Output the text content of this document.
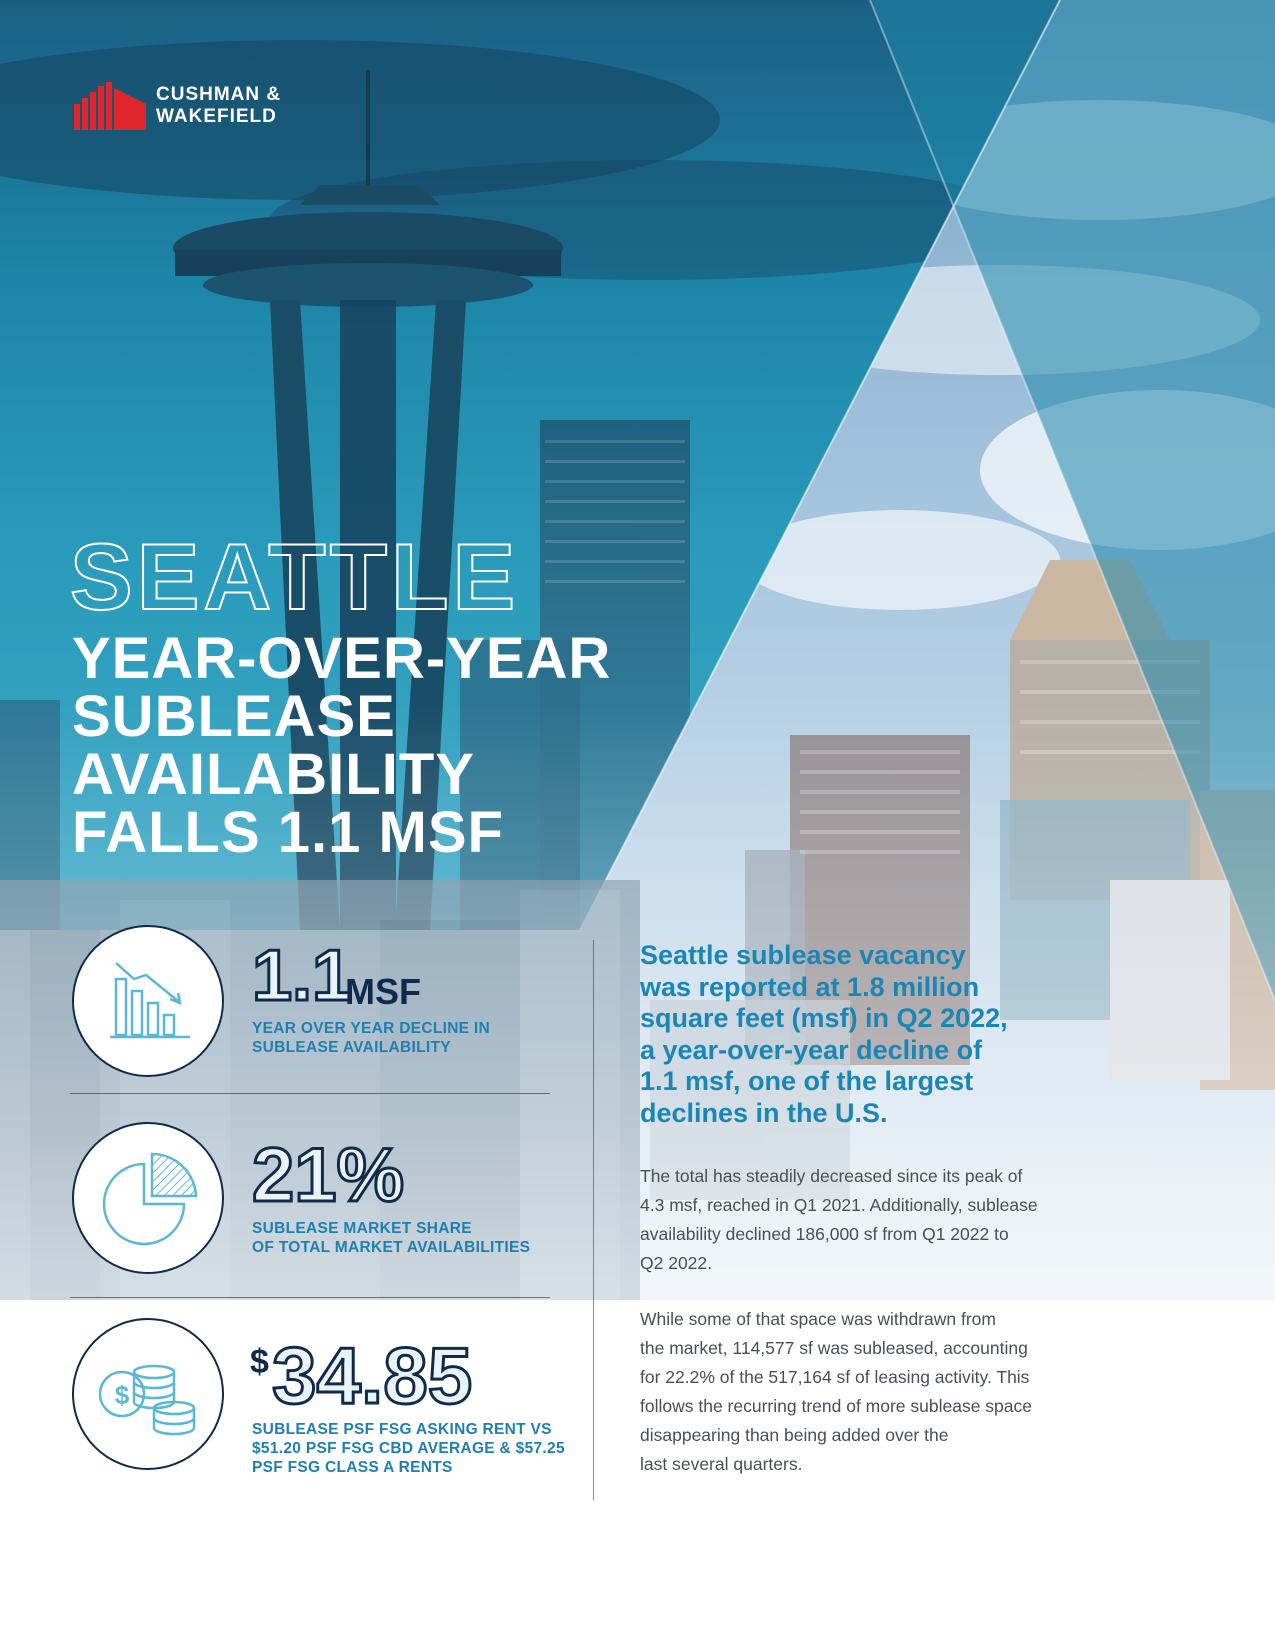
CUSHMAN &
WAKEFIELD
SEATTLE
YEAR-OVER-YEAR
SUBLEASE
AVAILABILITY
FALLS 1.1 MSF
1.1
MSF
YEAR OVER YEAR DECLINE IN
SUBLEASE AVAILABILITY
21%
SUBLEASE MARKET SHARE
OF TOTAL MARKET AVAILABILITIES
$
$ 34.85
SUBLEASE PSF FSG ASKING RENT VS
$51.20 PSF FSG CBD AVERAGE & $57.25
PSF FSG CLASS A RENTS
Seattle sublease vacancy
was reported at 1.8 million
square feet (msf) in Q2 2022,
a year-over-year decline of
1.1 msf, one of the largest
declines in the U.S.
The total has steadily decreased since its peak of
4.3 msf, reached in Q1 2021. Additionally, sublease
availability declined 186,000 sf from Q1 2022 to
Q2 2022.
While some of that space was withdrawn from
the market, 114,577 sf was subleased, accounting
for 22.2% of the 517,164 sf of leasing activity. This
follows the recurring trend of more sublease space
disappearing than being added over the
last several quarters.
